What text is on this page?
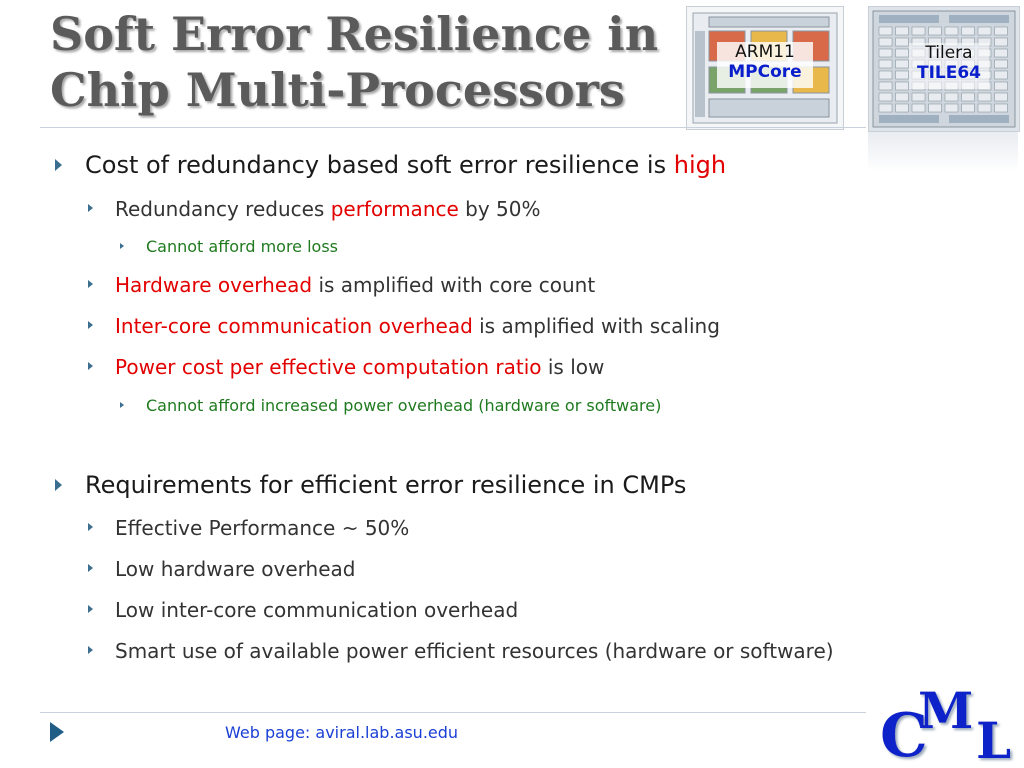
Soft Error Resilience in
Chip Multi-Processors
ARM11
MPCore
Tilera
TILE64
Cost of redundancy based soft error resilience is high
Redundancy reduces performance by 50%
Cannot afford more loss
Hardware overhead is amplified with core count
Inter-core communication overhead is amplified with scaling
Power cost per effective computation ratio is low
Cannot afford increased power overhead (hardware or software)
Requirements for efficient error resilience in CMPs
Effective Performance ~ 50%
Low hardware overhead
Low inter-core communication overhead
Smart use of available power efficient resources (hardware or software)
Web page: aviral.lab.asu.edu	C
M
L
